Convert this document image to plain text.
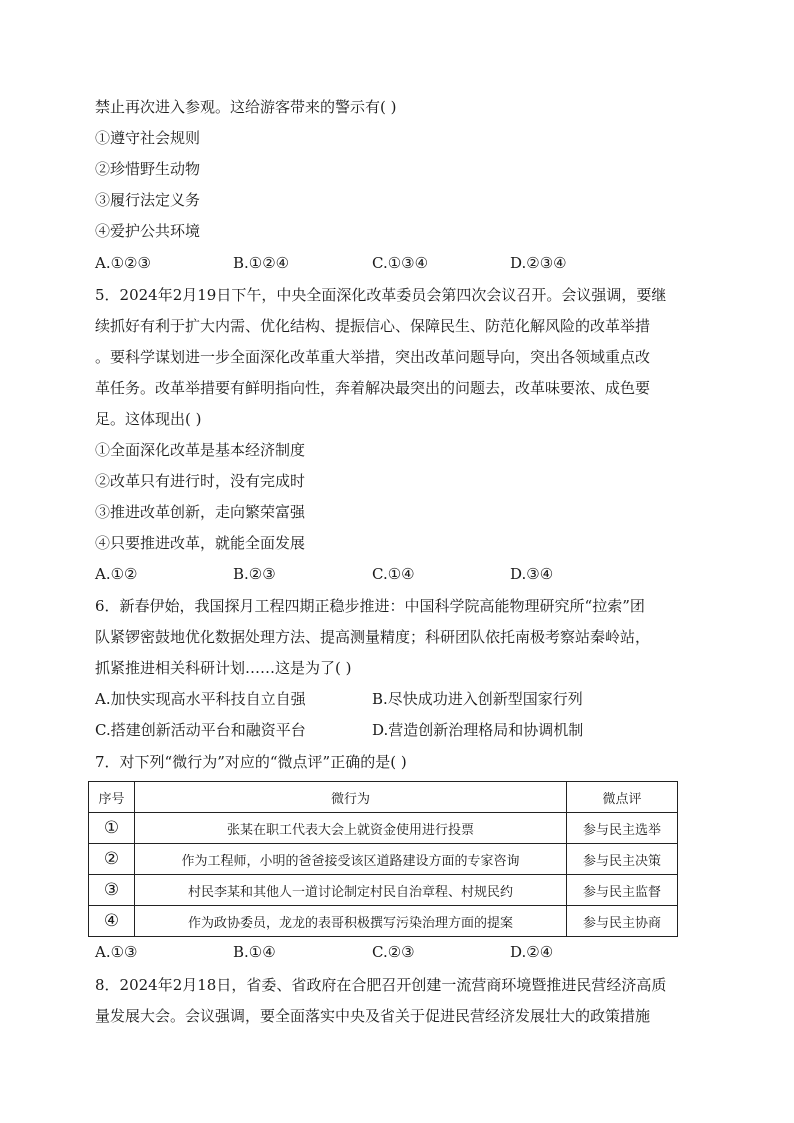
禁止再次进入参观。这给游客带来的警示有( )
①遵守社会规则
②珍惜野生动物
③履行法定义务
④爱护公共环境
A.①②③	B.①②④	C.①③④	D.②③④
5．2024年2月19日下午，中央全面深化改革委员会第四次会议召开。会议强调，要继
续抓好有利于扩大内需、优化结构、提振信心、保障民生、防范化解风险的改革举措
。要科学谋划进一步全面深化改革重大举措，突出改革问题导向，突出各领域重点改
革任务。改革举措要有鲜明指向性，奔着解决最突出的问题去，改革味要浓、成色要
足。这体现出( )
①全面深化改革是基本经济制度
②改革只有进行时，没有完成时
③推进改革创新，走向繁荣富强
④只要推进改革，就能全面发展
A.①②	B.②③	C.①④	D.③④
6．新春伊始，我国探月工程四期正稳步推进：中国科学院高能物理研究所“拉索”团
队紧锣密鼓地优化数据处理方法、提高测量精度；科研团队依托南极考察站秦岭站，
抓紧推进相关科研计划……这是为了( )
A.加快实现高水平科技自立自强	B.尽快成功进入创新型国家行列
C.搭建创新活动平台和融资平台	D.营造创新治理格局和协调机制
7．对下列“微行为”对应的“微点评”正确的是( )
序号	微行为	微点评
①	张某在职工代表大会上就资金使用进行投票	参与民主选举
②	作为工程师，小明的爸爸接受该区道路建设方面的专家咨询	参与民主决策
③	村民李某和其他人一道讨论制定村民自治章程、村规民约	参与民主监督
④	作为政协委员，龙龙的表哥积极撰写污染治理方面的提案	参与民主协商
A.①③	B.①④	C.②③	D.②④
8．2024年2月18日，省委、省政府在合肥召开创建一流营商环境暨推进民营经济高质
量发展大会。会议强调，要全面落实中央及省关于促进民营经济发展壮大的政策措施
